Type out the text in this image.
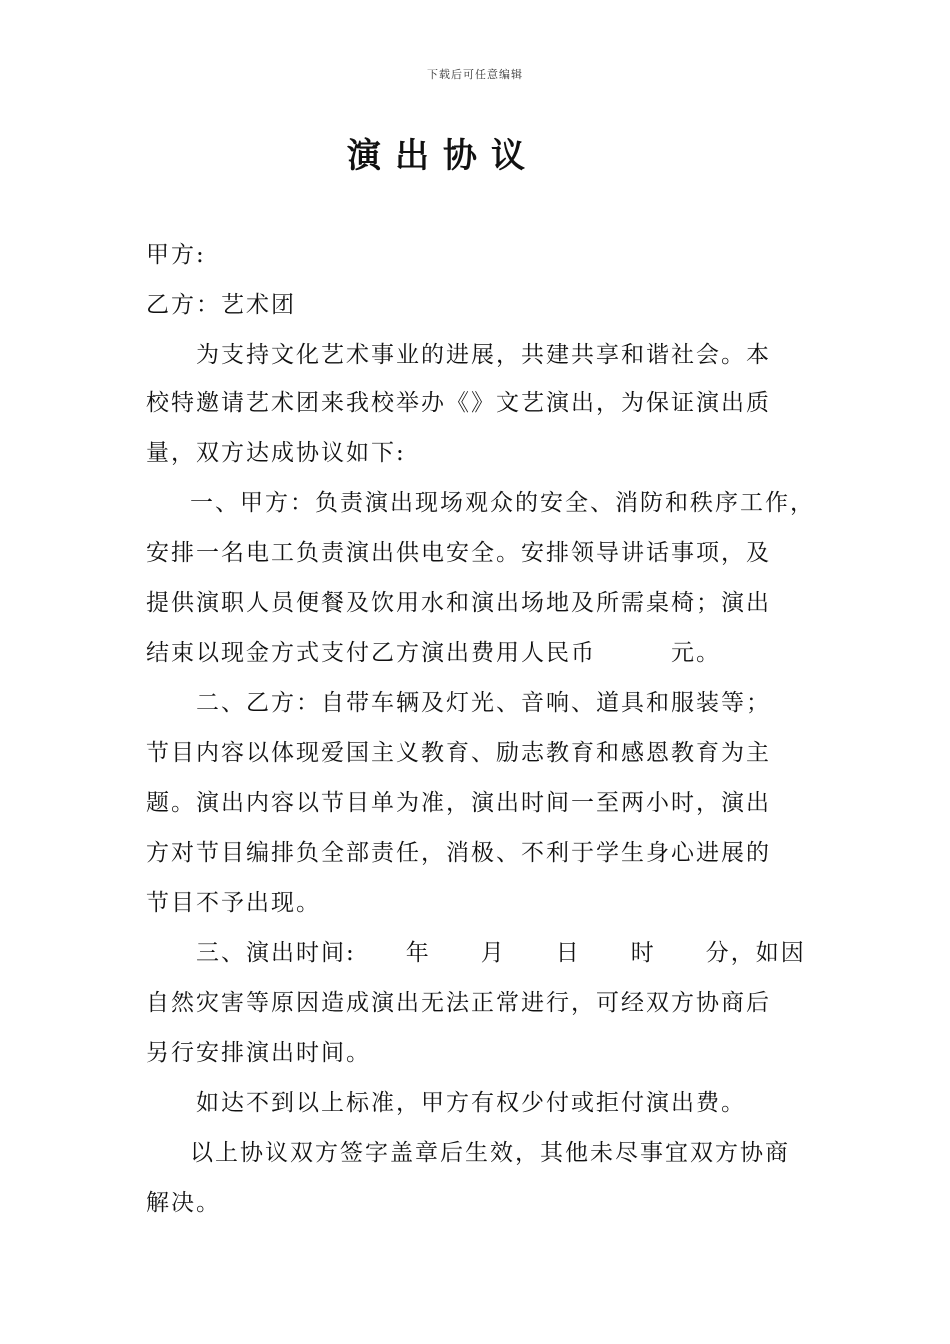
下载后可任意编辑
演出协议
甲方:
乙方：艺术团
为支持文化艺术事业的进展，共建共享和谐社会。本
校特邀请艺术团来我校举办《》文艺演出，为保证演出质
量，双方达成协议如下:
一、甲方：负责演出现场观众的安全、消防和秩序工作，
安排一名电工负责演出供电安全。安排领导讲话事项，及
提供演职人员便餐及饮用水和演出场地及所需桌椅；演出
结束以现金方式支付乙方演出费用人民币　　　元。
二、乙方：自带车辆及灯光、音响、道具和服装等；
节目内容以体现爱国主义教育、励志教育和感恩教育为主
题。演出内容以节目单为准，演出时间一至两小时，演出
方对节目编排负全部责任，消极、不利于学生身心进展的
节目不予出现。
三、演出时间:　　年　　月　　日　　时　　分，如因
自然灾害等原因造成演出无法正常进行，可经双方协商后
另行安排演出时间。
如达不到以上标准，甲方有权少付或拒付演出费。
以上协议双方签字盖章后生效，其他未尽事宜双方协商
解决。
